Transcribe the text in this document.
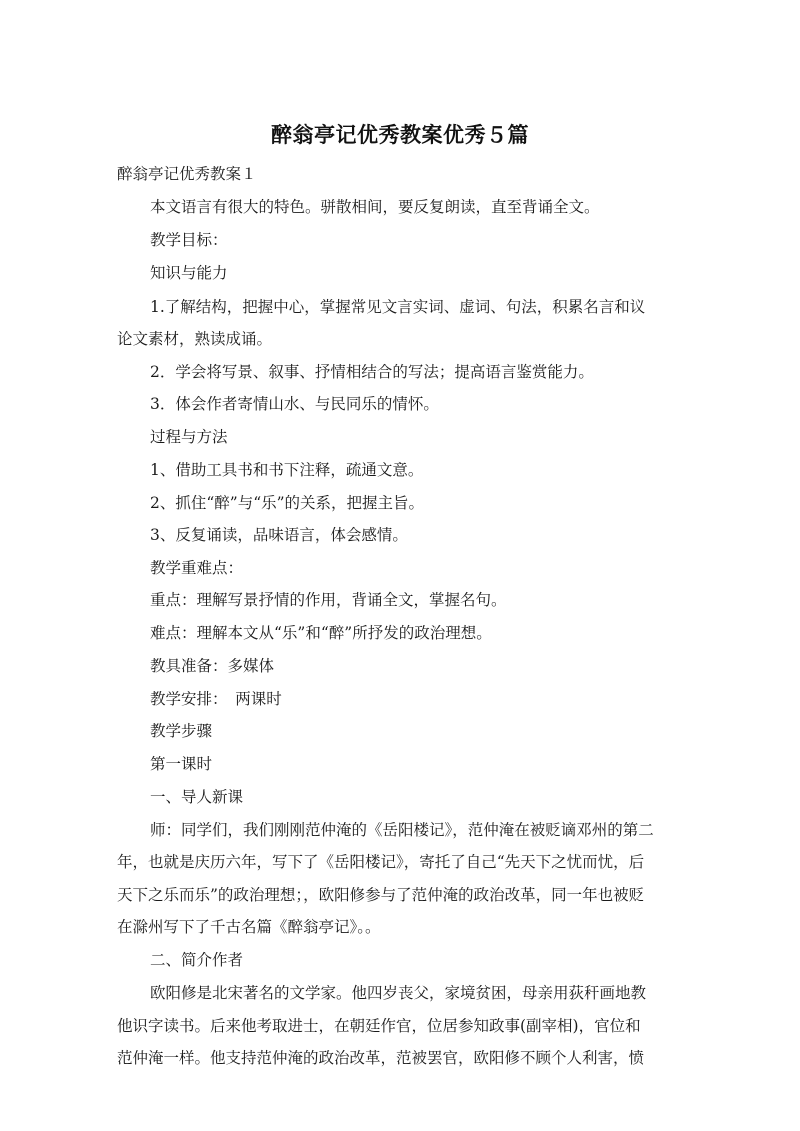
醉翁亭记优秀教案优秀５篇
醉翁亭记优秀教案１
本文语言有很大的特色。骈散相间，要反复朗读，直至背诵全文。
教学目标：
知识与能力
1.了解结构，把握中心，掌握常见文言实词、虚词、句法，积累名言和议
论文素材，熟读成诵。
2．学会将写景、叙事、抒情相结合的写法；提高语言鉴赏能力。
3．体会作者寄情山水、与民同乐的情怀。
过程与方法
1、借助工具书和书下注释，疏通文意。
2、抓住“醉”与“乐”的关系，把握主旨。
3、反复诵读，品味语言，体会感情。
教学重难点：
重点：理解写景抒情的作用，背诵全文，掌握名句。
难点：理解本文从“乐”和“醉”所抒发的政治理想。
教具准备：多媒体
教学安排：　两课时
教学步骤
第一课时
一、导人新课
师：同学们，我们刚刚范仲淹的《岳阳楼记》，范仲淹在被贬谪邓州的第二
年，也就是庆历六年，写下了《岳阳楼记》，寄托了自己“先天下之忧而忧，后
天下之乐而乐”的政治理想；，欧阳修参与了范仲淹的政治改革，同一年也被贬
在滁州写下了千古名篇《醉翁亭记》。。
二、简介作者
欧阳修是北宋著名的文学家。他四岁丧父，家境贫困，母亲用荻秆画地教
他识字读书。后来他考取进士，在朝廷作官，位居参知政事(副宰相)，官位和
范仲淹一样。他支持范仲淹的政治改革，范被罢官，欧阳修不顾个人利害，愤
